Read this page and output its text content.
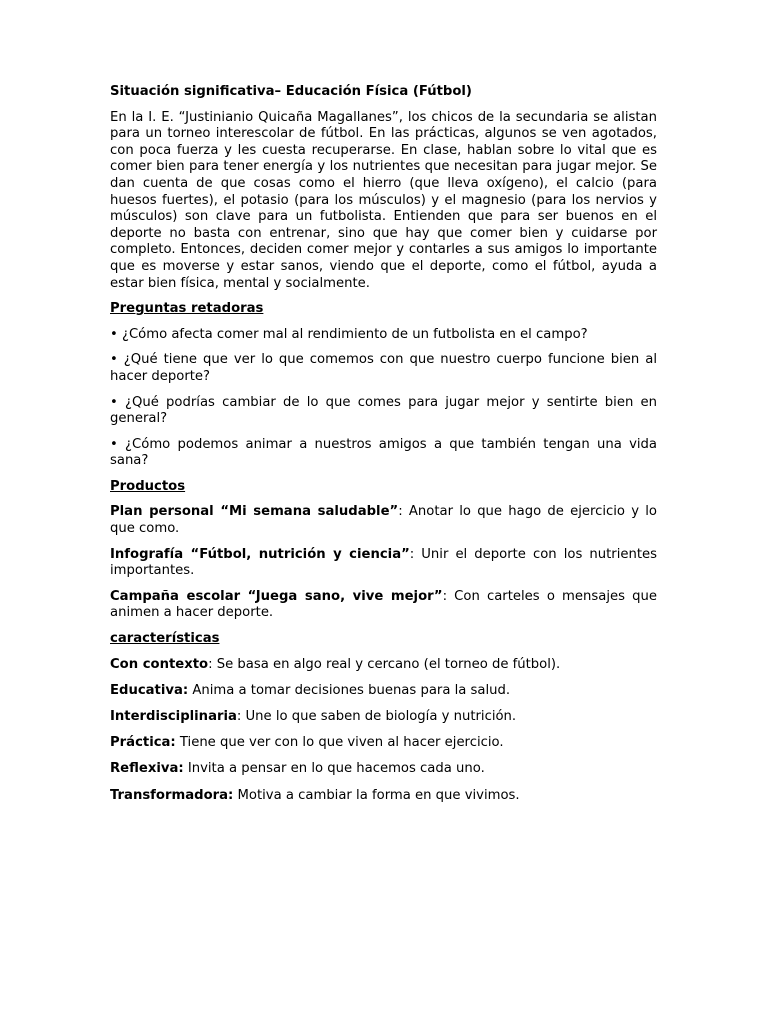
Situación significativa– Educación Física (Fútbol)
En la I. E. “Justinianio Quicaña Magallanes”, los chicos de la secundaria se alistan para un torneo interescolar de fútbol. En las prácticas, algunos se ven agotados, con poca fuerza y les cuesta recuperarse. En clase, hablan sobre lo vital que es comer bien para tener energía y los nutrientes que necesitan para jugar mejor. Se dan cuenta de que cosas como el hierro (que lleva oxígeno), el calcio (para huesos fuertes), el potasio (para los músculos) y el magnesio (para los nervios y músculos) son clave para un futbolista. Entienden que para ser buenos en el deporte no basta con entrenar, sino que hay que comer bien y cuidarse por completo. Entonces, deciden comer mejor y contarles a sus amigos lo importante que es moverse y estar sanos, viendo que el deporte, como el fútbol, ayuda a estar bien física, mental y socialmente.
Preguntas retadoras
• ¿Cómo afecta comer mal al rendimiento de un futbolista en el campo?
• ¿Qué tiene que ver lo que comemos con que nuestro cuerpo funcione bien al hacer deporte?
• ¿Qué podrías cambiar de lo que comes para jugar mejor y sentirte bien en general?
• ¿Cómo podemos animar a nuestros amigos a que también tengan una vida sana?
Productos
Plan personal “Mi semana saludable”: Anotar lo que hago de ejercicio y lo que como.
Infografía “Fútbol, nutrición y ciencia”: Unir el deporte con los nutrientes importantes.
Campaña escolar “Juega sano, vive mejor”: Con carteles o mensajes que animen a hacer deporte.
características
Con contexto: Se basa en algo real y cercano (el torneo de fútbol).
Educativa: Anima a tomar decisiones buenas para la salud.
Interdisciplinaria: Une lo que saben de biología y nutrición.
Práctica: Tiene que ver con lo que viven al hacer ejercicio.
Reflexiva: Invita a pensar en lo que hacemos cada uno.
Transformadora: Motiva a cambiar la forma en que vivimos.
